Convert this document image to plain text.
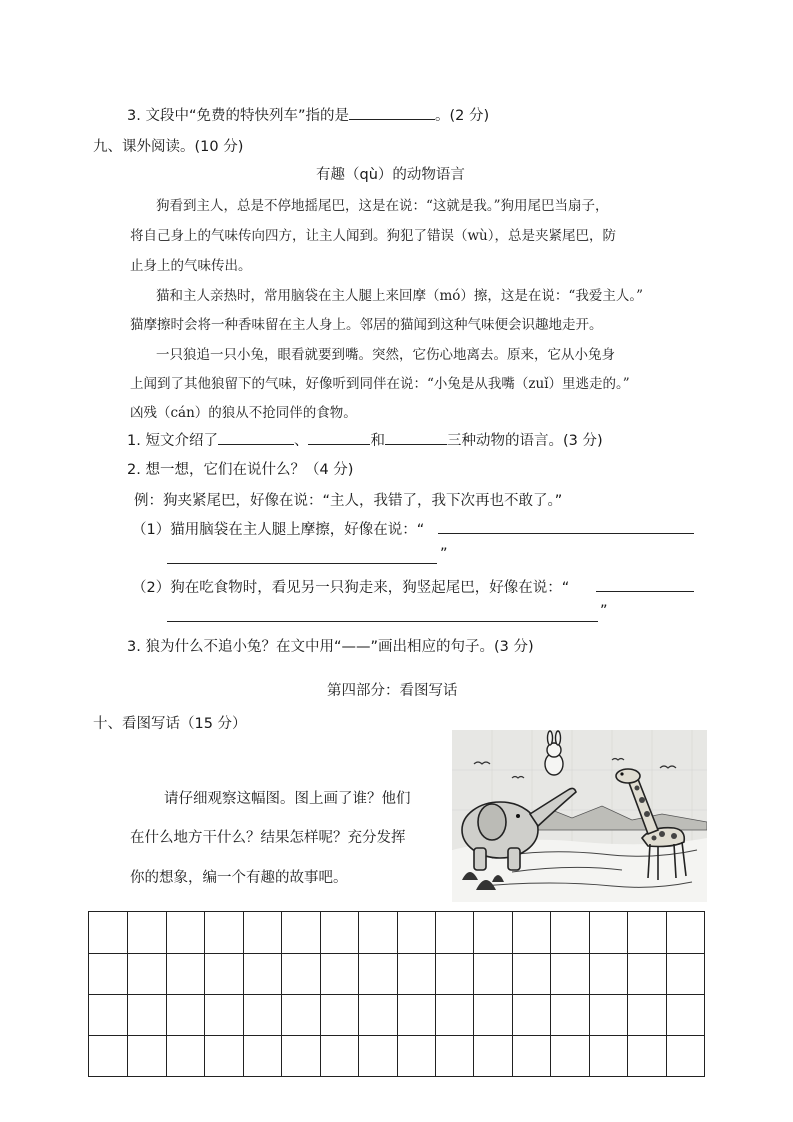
3. 文段中“免费的特快列车”指的是	。(2 分)
九、课外阅读。(10 分)
有趣（qù）的动物语言
狗看到主人，总是不停地摇尾巴，这是在说：“这就是我。”狗用尾巴当扇子，
将自己身上的气味传向四方，让主人闻到。狗犯了错误（wù），总是夹紧尾巴，防
止身上的气味传出。
猫和主人亲热时，常用脑袋在主人腿上来回摩（mó）擦，这是在说：“我爱主人。”
猫摩擦时会将一种香味留在主人身上。邻居的猫闻到这种气味便会识趣地走开。
一只狼追一只小兔，眼看就要到嘴。突然，它伤心地离去。原来，它从小兔身
上闻到了其他狼留下的气味，好像听到同伴在说：“小兔是从我嘴（zuǐ）里逃走的。”
凶残（cán）的狼从不抢同伴的食物。
1. 短文介绍了	、	和	三种动物的语言。(3 分)
2. 想一想，它们在说什么？（4 分)
例：狗夹紧尾巴，好像在说：“主人，我错了，我下次再也不敢了。”
（1）猫用脑袋在主人腿上摩擦，好像在说：“
”
（2）狗在吃食物时，看见另一只狗走来，狗竖起尾巴，好像在说：“
”
3. 狼为什么不追小兔？在文中用“——”画出相应的句子。(3 分)
第四部分：看图写话
十、看图写话（15 分）
请仔细观察这幅图。图上画了谁？他们
在什么地方干什么？结果怎样呢？充分发挥
你的想象，编一个有趣的故事吧。
